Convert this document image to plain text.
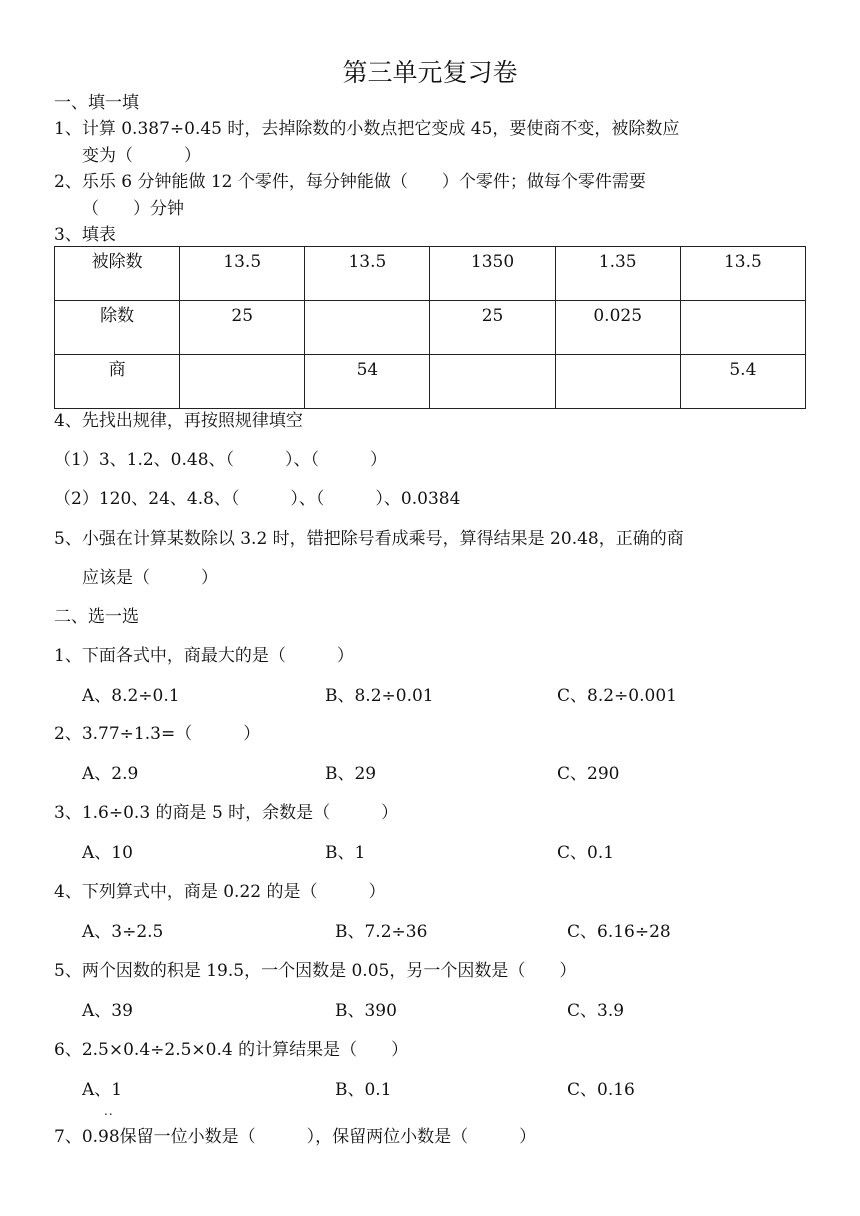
第三单元复习卷
一、填一填
1、计算 0.387÷0.45 时，去掉除数的小数点把它变成 45，要使商不变，被除数应
变为（　　　）
2、乐乐 6 分钟能做 12 个零件，每分钟能做（　　）个零件；做每个零件需要
（　　）分钟
3、填表
被除数	13.5	13.5	1350	1.35	13.5
除数	25		25	0.025	
商		54			5.4
4、先找出规律，再按照规律填空
（1）3、1.2、0.48、（　　　）、（　　　）
（2）120、24、4.8、（　　　）、（　　　）、0.0384
5、小强在计算某数除以 3.2 时，错把除号看成乘号，算得结果是 20.48，正确的商
应该是（　　　）
二、选一选
1、下面各式中，商最大的是（　　　）
A、8.2÷0.1	B、8.2÷0.01	C、8.2÷0.001
2、3.77÷1.3=（　　　）
A、2.9	B、29	C、290
3、1.6÷0.3 的商是 5 时，余数是（　　　）
A、10	B、1	C、0.1
4、下列算式中，商是 0.22 的是（　　　）
A、3÷2.5	B、7.2÷36	C、6.16÷28
5、两个因数的积是 19.5，一个因数是 0.05，另一个因数是（　　）
A、39	B、390	C、3.9
6、2.5×0.4÷2.5×0.4 的计算结果是（　　）
A、1	B、0.1	C、0.16
..
7、0.98保留一位小数是（　　　），保留两位小数是（　　　）
